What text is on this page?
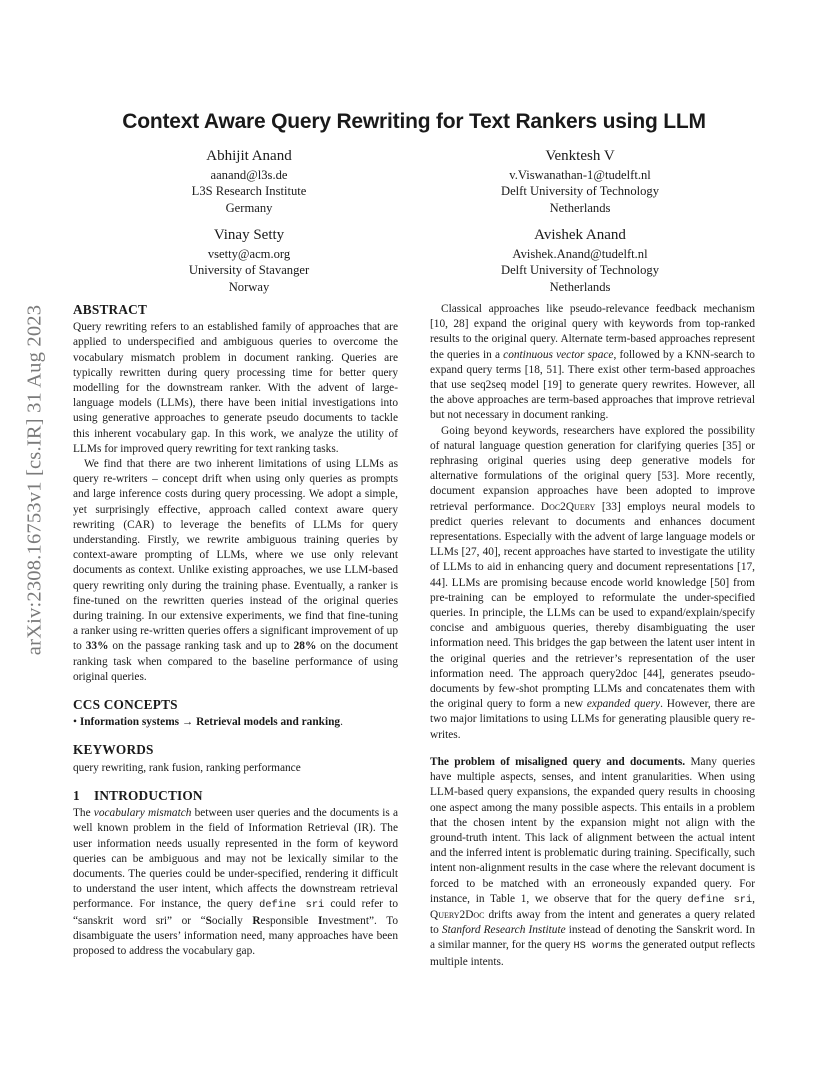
arXiv:2308.16753v1 [cs.IR] 31 Aug 2023
Context Aware Query Rewriting for Text Rankers using LLM
Abhijit Anand
aanand@l3s.de
L3S Research Institute
Germany
Venktesh V
v.Viswanathan-1@tudelft.nl
Delft University of Technology
Netherlands
Vinay Setty
vsetty@acm.org
University of Stavanger
Norway
Avishek Anand
Avishek.Anand@tudelft.nl
Delft University of Technology
Netherlands
ABSTRACT

Query rewriting refers to an established family of approaches that are applied to underspecified and ambiguous queries to overcome the vocabulary mismatch problem in document ranking. Queries are typically rewritten during query processing time for better query modelling for the downstream ranker. With the advent of large-language models (LLMs), there have been initial investigations into using generative approaches to generate pseudo documents to tackle this inherent vocabulary gap. In this work, we analyze the utility of LLMs for improved query rewriting for text ranking tasks.

We find that there are two inherent limitations of using LLMs as query re-writers – concept drift when using only queries as prompts and large inference costs during query processing. We adopt a simple, yet surprisingly effective, approach called context aware query rewriting (CAR) to leverage the benefits of LLMs for query understanding. Firstly, we rewrite ambiguous training queries by context-aware prompting of LLMs, where we use only relevant documents as context. Unlike existing approaches, we use LLM-based query rewriting only during the training phase. Eventually, a ranker is fine-tuned on the rewritten queries instead of the original queries during training. In our extensive experiments, we find that fine-tuning a ranker using re-written queries offers a significant improvement of up to 33% on the passage ranking task and up to 28% on the document ranking task when compared to the baseline performance of using original queries.

CCS CONCEPTS

• Information systems → Retrieval models and ranking.

KEYWORDS

query rewriting, rank fusion, ranking performance

1    INTRODUCTION

The vocabulary mismatch between user queries and the documents is a well known problem in the field of Information Retrieval (IR). The user information needs usually represented in the form of keyword queries can be ambiguous and may not be lexically similar to the documents. The queries could be under-specified, rendering it difficult to understand the user intent, which affects the downstream retrieval performance. For instance, the query define sri could refer to “sanskrit word sri” or “Socially Responsible Investment”. To disambiguate the users’ information need, many approaches have been proposed to address the vocabulary gap.

Classical approaches like pseudo-relevance feedback mechanism [10, 28] expand the original query with keywords from top-ranked results to the original query. Alternate term-based approaches represent the queries in a continuous vector space, followed by a KNN-search to expand query terms [18, 51]. There exist other term-based approaches that use seq2seq model [19] to generate query rewrites. However, all the above approaches are term-based approaches that improve retrieval but not necessary in document ranking.

Going beyond keywords, researchers have explored the possibility of natural language question generation for clarifying queries [35] or rephrasing original queries using deep generative models for alternative formulations of the original query [53]. More recently, document expansion approaches have been adopted to improve retrieval performance. Doc2Query [33] employs neural models to predict queries relevant to documents and enhances document representations. Especially with the advent of large language models or LLMs [27, 40], recent approaches have started to investigate the utility of LLMs to aid in enhancing query and document representations [17, 44]. LLMs are promising because encode world knowledge [50] from pre-training can be employed to reformulate the under-specified queries. In principle, the LLMs can be used to expand/explain/specify concise and ambiguous queries, thereby disambiguating the user information need. This bridges the gap between the latent user intent in the original queries and the retriever’s representation of the user information need. The approach query2doc [44], generates pseudo-documents by few-shot prompting LLMs and concatenates them with the original query to form a new expanded query. However, there are two major limitations to using LLMs for generating plausible query re-writes.

The problem of misaligned query and documents. Many queries have multiple aspects, senses, and intent granularities. When using LLM-based query expansions, the expanded query results in choosing one aspect among the many possible aspects. This entails in a problem that the chosen intent by the expansion might not align with the ground-truth intent. This lack of alignment between the actual intent and the inferred intent is problematic during training. Specifically, such intent non-alignment results in the case where the relevant document is forced to be matched with an erroneously expanded query. For instance, in Table 1, we observe that for the query define sri, Query2Doc drifts away from the intent and generates a query related to Stanford Research Institute instead of denoting the Sanskrit word. In a similar manner, for the query HS worms the generated output reflects multiple intents.
